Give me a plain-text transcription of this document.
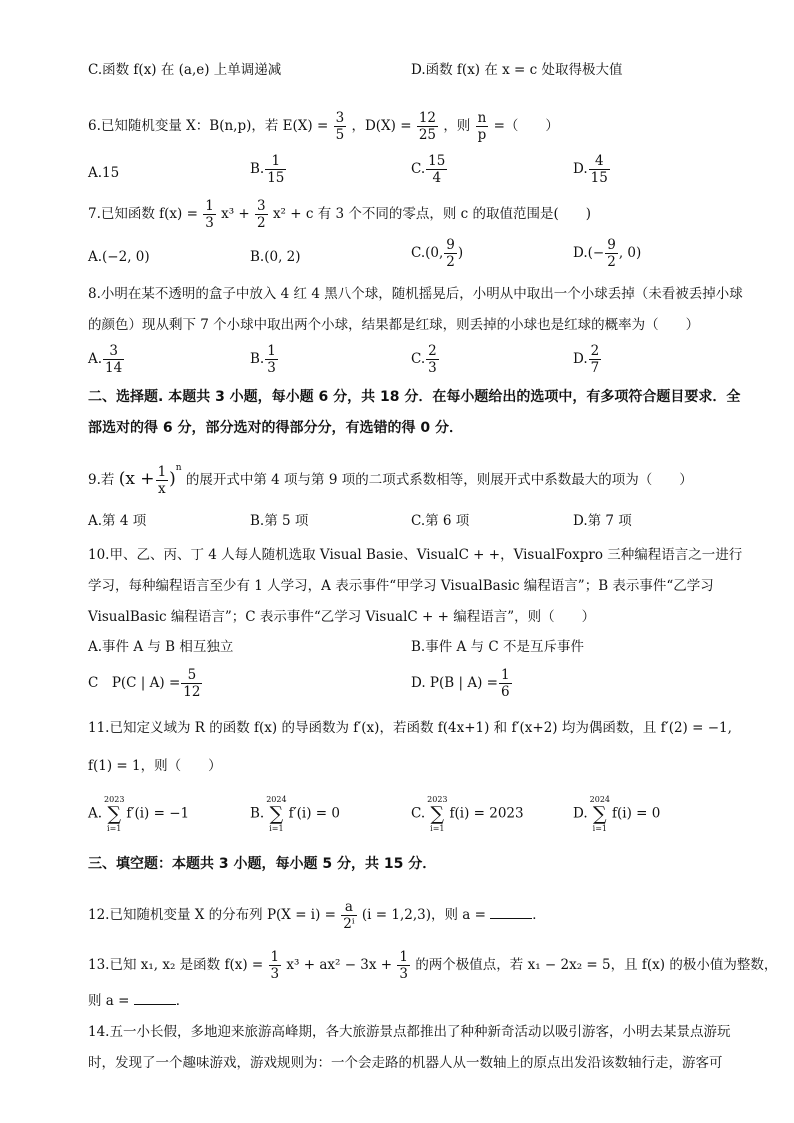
C.函数 f(x) 在 (a,e) 上单调递减	D.函数 f(x) 在 x = c 处取得极大值
6.已知随机变量 X：B(n,p)，若 $E(X) = \frac{3}{5}$ ，$D(X) = \frac{12}{25}$ ，则 $\frac{n}{p}$ =（　　）
A.15	B. $\frac{1}{15}$	C. $\frac{15}{4}$	D. $\frac{4}{15}$
7.已知函数 $f(x) = \frac{1}{3} x^3 + \frac{3}{2} x^2 + c$ 有 3 个不同的零点，则 c 的取值范围是(　　)
A.(−2, 0)	B.(0, 2)	C.(0, $\frac{9}{2}$ )	$D.(- \frac{9}{2}$ , 0)
8.小明在某不透明的盒子中放入 4 红 4 黑八个球，随机摇晃后，小明从中取出一个小球丢掉（未看被丢掉小球的颜色）现从剩下 7 个小球中取出两个小球，结果都是红球，则丢掉的小球也是红球的概率为（　　）
A. $\frac{3}{14}$	B. $\frac{1}{3}$	C. $\frac{2}{3}$	D. $\frac{2}{7}$
二、选择题. 本题共 3 小题，每小题 6 分，共 18 分．在每小题给出的选项中，有多项符合题目要求．全部选对的得 6 分，部分选对的得部分分，有选错的得 0 分．
9.若 $(x + \frac{1}{x} )^n$ 的展开式中第 4 项与第 9 项的二项式系数相等，则展开式中系数最大的项为（　　）
A.第 4 项	B.第 5 项	C.第 6 项	D.第 7 项
10.甲、乙、丙、丁 4 人每人随机选取 Visual Basie、VisualC + +，VisualFoxpro 三种编程语言之一进行学习，每种编程语言至少有 1 人学习，A 表示事件“甲学习 VisualBasic 编程语言”；B 表示事件“乙学习 VisualBasic 编程语言”；C 表示事件“乙学习 VisualC + + 编程语言”，则（　　）
A.事件 A 与 B 相互独立	B.事件 A 与 C 不是互斥事件
C　P(C | $A) = \frac{5}{12}$	D. P(B | $A) = \frac{1}{6}$
11.已知定义域为 R 的函数 f(x) 的导函数为 f′(x)，若函数 f(4x+1) 和 f′(x+2) 均为偶函数，且 f′(2) = −1, f(1) = 1，则（　　）
A.
2023
∑
i=1
f′(i) = −1	B.
2024
∑
i=1
f′(i) = 0	C.
2023
∑
i=1
f(i) = 2023	D.
2024
∑
i=1
f(i) = 0
三、填空题：本题共 3 小题，每小题 5 分，共 15 分．
12.已知随机变量 X 的分布列 $P(X = i) = \frac{a}{\text{2ⁱ}} (i = 1,2,3)$，则 a =	．
13.已知 x₁, x₂ 是函数 $f(x) = \frac{1}{3} x^3 + ax^2 - 3x + \frac{1}{3}$ 的两个极值点，若 x₁ − 2x₂ = 5，且 f(x) 的极小值为整数，
则 a =	．
14.五一小长假，多地迎来旅游高峰期，各大旅游景点都推出了种种新奇活动以吸引游客，小明去某景点游玩时，发现了一个趣味游戏，游戏规则为：一个会走路的机器人从一数轴上的原点出发沿该数轴行走，游客可
